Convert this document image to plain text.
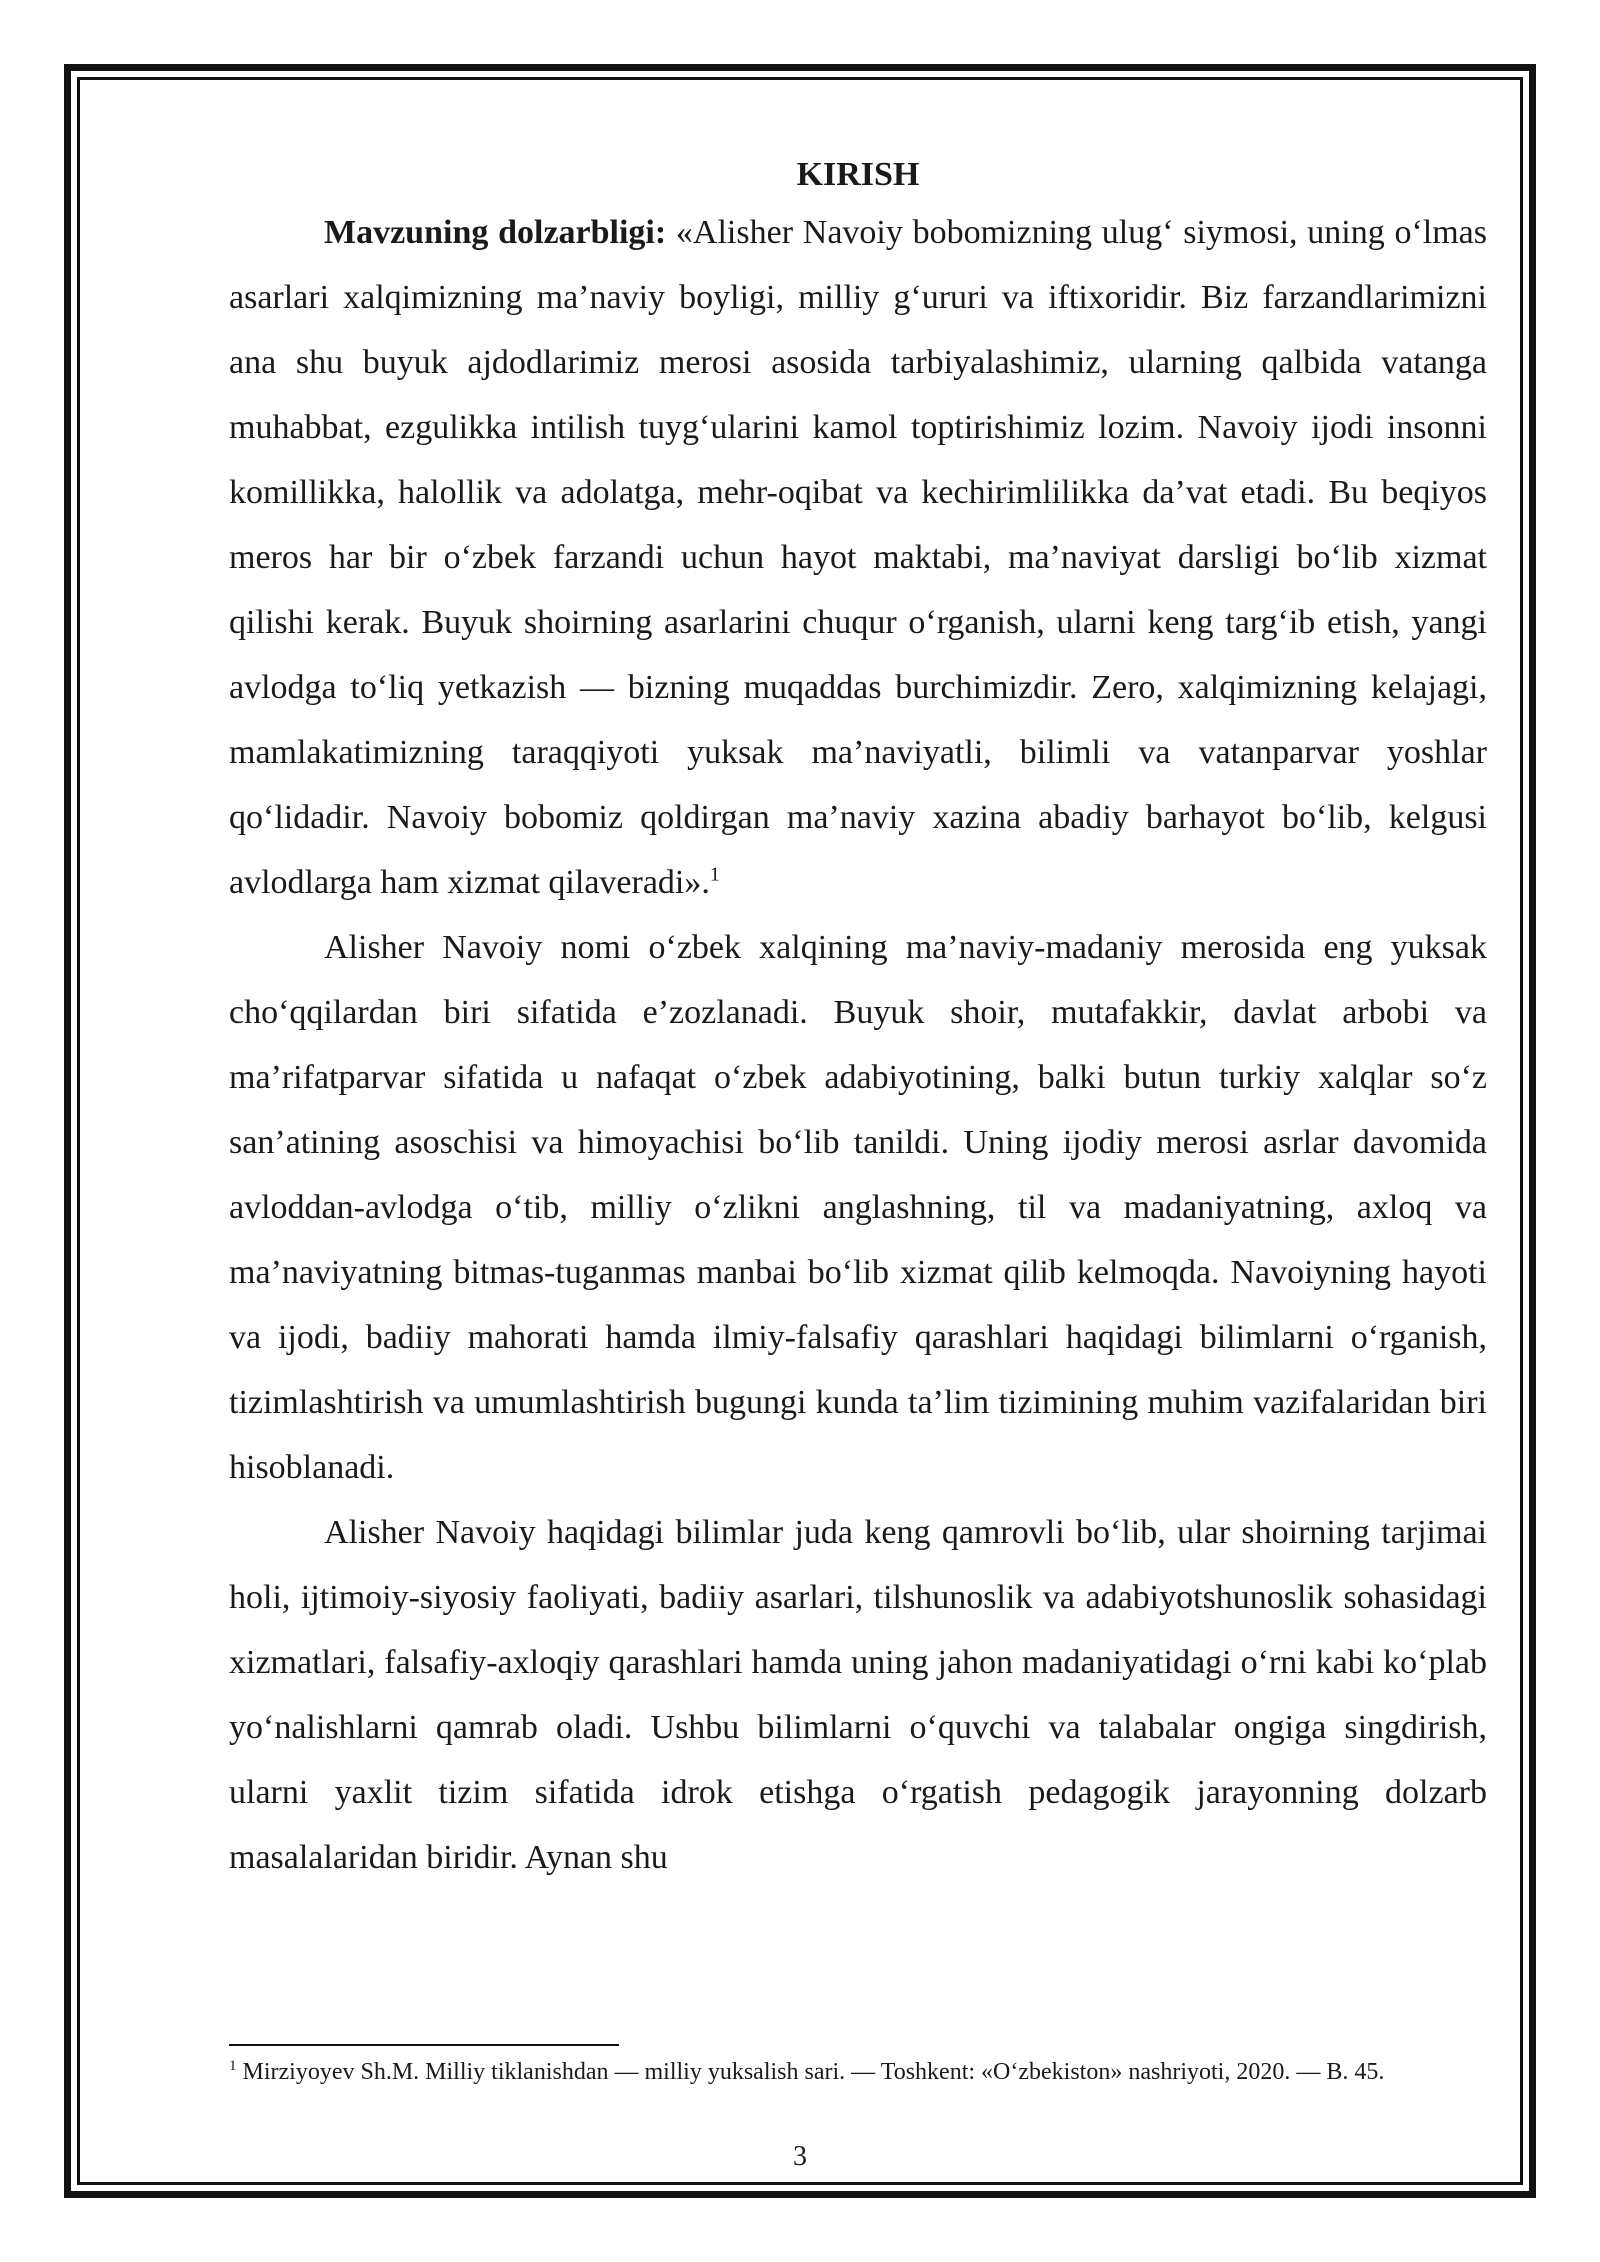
KIRISH

Mavzuning dolzarbligi: «Alisher Navoiy bobomizning ulug‘ siymosi, uning o‘lmas asarlari xalqimizning ma’naviy boyligi, milliy g‘ururi va iftixoridir. Biz farzandlarimizni ana shu buyuk ajdodlarimiz merosi asosida tarbiyalashimiz, ularning qalbida vatanga muhabbat, ezgulikka intilish tuyg‘ularini kamol toptirishimiz lozim. Navoiy ijodi insonni komillikka, halollik va adolatga, mehr-oqibat va kechirimlilikka da’vat etadi. Bu beqiyos meros har bir o‘zbek farzandi uchun hayot maktabi, ma’naviyat darsligi bo‘lib xizmat qilishi kerak. Buyuk shoirning asarlarini chuqur o‘rganish, ularni keng targ‘ib etish, yangi avlodga to‘liq yetkazish — bizning muqaddas burchimizdir. Zero, xalqimizning kelajagi, mamlakatimizning taraqqiyoti yuksak ma’naviyatli, bilimli va vatanparvar yoshlar qo‘lidadir. Navoiy bobomiz qoldirgan ma’naviy xazina abadiy barhayot bo‘lib, kelgusi avlodlarga ham xizmat qilaveradi».$^1$

Alisher Navoiy nomi o‘zbek xalqining ma’naviy-madaniy merosida eng yuksak cho‘qqilardan biri sifatida e’zozlanadi. Buyuk shoir, mutafakkir, davlat arbobi va ma’rifatparvar sifatida u nafaqat o‘zbek adabiyotining, balki butun turkiy xalqlar so‘z san’atining asoschisi va himoyachisi bo‘lib tanildi. Uning ijodiy merosi asrlar davomida avloddan-avlodga o‘tib, milliy o‘zlikni anglashning, til va madaniyatning, axloq va ma’naviyatning bitmas-tuganmas manbai bo‘lib xizmat qilib kelmoqda. Navoiyning hayoti va ijodi, badiiy mahorati hamda ilmiy-falsafiy qarashlari haqidagi bilimlarni o‘rganish, tizimlashtirish va umumlashtirish bugungi kunda ta’lim tizimining muhim vazifalaridan biri hisoblanadi.

Alisher Navoiy haqidagi bilimlar juda keng qamrovli bo‘lib, ular shoirning tarjimai holi, ijtimoiy-siyosiy faoliyati, badiiy asarlari, tilshunoslik va adabiyotshunoslik sohasidagi xizmatlari, falsafiy-axloqiy qarashlari hamda uning jahon madaniyatidagi o‘rni kabi ko‘plab yo‘nalishlarni qamrab oladi. Ushbu bilimlarni o‘quvchi va talabalar ongiga singdirish, ularni yaxlit tizim sifatida idrok etishga o‘rgatish pedagogik jarayonning dolzarb masalalaridan biridir. Aynan shu

$^1$ Mirziyoyev Sh.M. Milliy tiklanishdan — milliy yuksalish sari. — Toshkent: «O‘zbekiston» nashriyoti, 2020. — B. 45.
3
